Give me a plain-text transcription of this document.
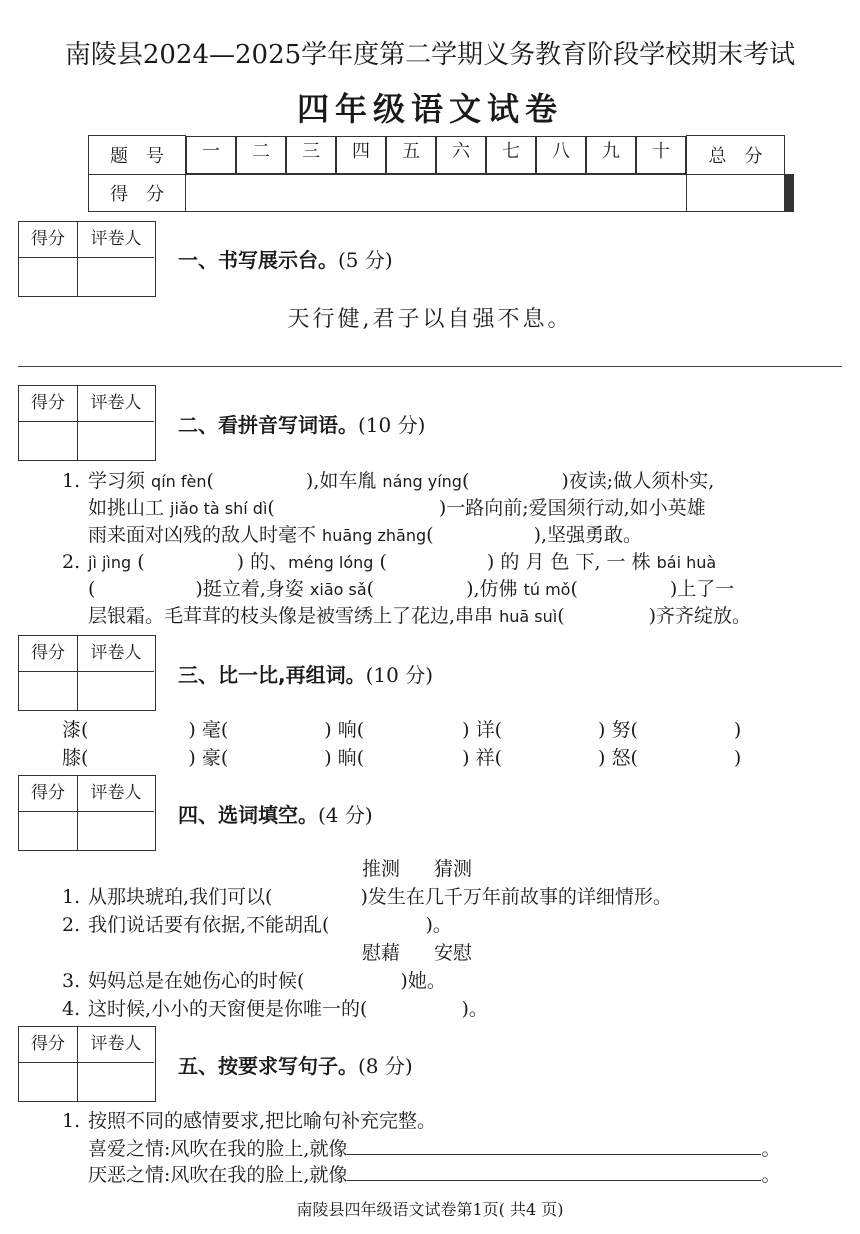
南陵县2024—2025学年度第二学期义务教育阶段学校期末考试
四年级语文试卷
题　号	一 二 三 四 五 六 七 八 九 十 总　分					
得　分											
得分	评卷人
一、书写展示台。(5 分)
天行健,君子以自强不息。
得分	评卷人
二、看拼音写词语。(10 分)
1. 学习须 qín fèn(	),如车胤 náng yíng(	)夜读;做人须朴实,
如挑山工 jiǎo tà shí dì(	)一路向前;爱国须行动,如小英雄
雨来面对凶残的敌人时毫不 huāng zhāng(	),坚强勇敢。
2. jì jìng (	) 的、méng lóng (	) 的 月 色 下, 一 株 bái huà
(	)挺立着,身姿 xiāo sǎ(	),仿佛 tú mǒ(	)上了一
层银霜。毛茸茸的枝头像是被雪绣上了花边,串串 huā suì(	)齐齐绽放。
得分	评卷人
三、比一比,再组词。(10 分)
漆(	) 毫(	) 响(	) 详(	) 努(	)
膝(	) 豪(	) 晌(	) 祥(	) 怒(	)
得分	评卷人
四、选词填空。(4 分)
推测 猜测
1. 从那块琥珀,我们可以(	)发生在几千万年前故事的详细情形。
2. 我们说话要有依据,不能胡乱(	)。
慰藉 安慰
3. 妈妈总是在她伤心的时候(	)她。
4. 这时候,小小的天窗便是你唯一的(	)。
得分	评卷人
五、按要求写句子。(8 分)
1. 按照不同的感情要求,把比喻句补充完整。
喜爱之情:风吹在我的脸上,就像	。
厌恶之情:风吹在我的脸上,就像	。
南陵县四年级语文试卷第1页( 共4 页)
